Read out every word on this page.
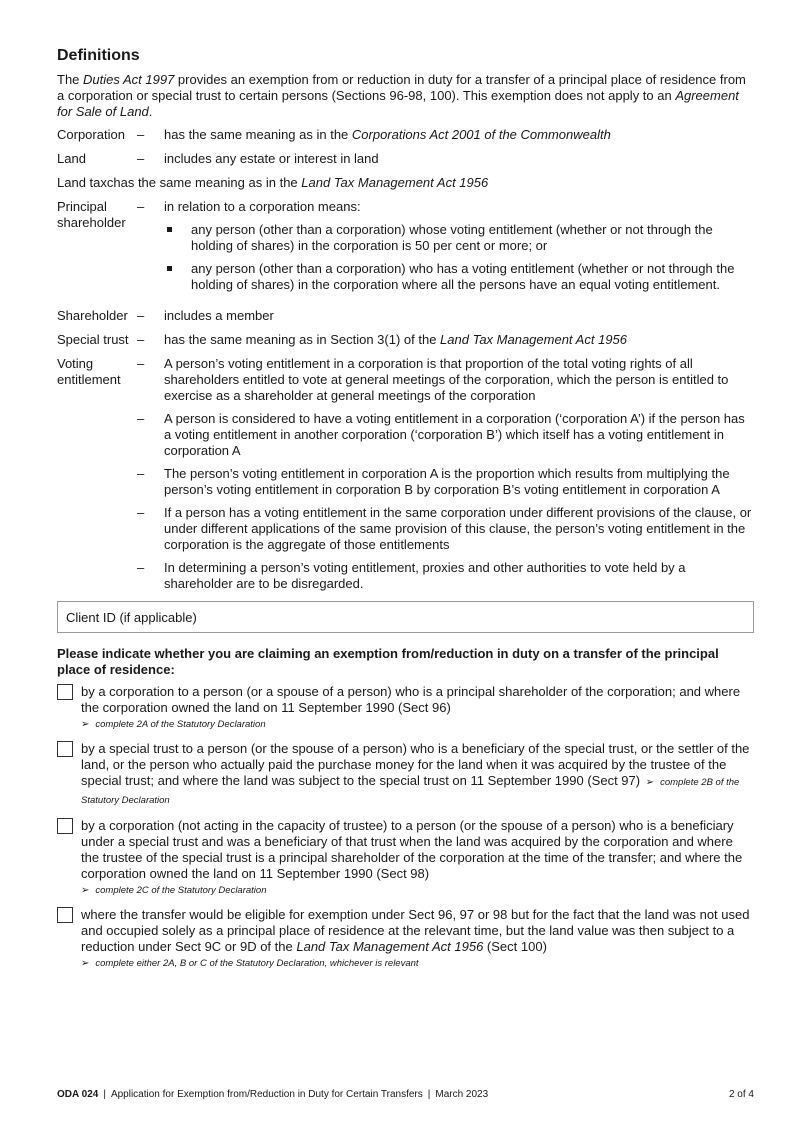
Definitions

The Duties Act 1997 provides an exemption from or reduction in duty for a transfer of a principal place of residence from a corporation or special trust to certain persons (Sections 96-98, 100). This exemption does not apply to an Agreement for Sale of Land.

Corporation –	has the same meaning as in the Corporations Act 2001 of the Commonwealth
Land	–	includes any estate or interest in land

Land taxchas the same meaning as in the Land Tax Management Act 1956

Principal
shareholder
–	in relation to a corporation means:
any person (other than a corporation) whose voting entitlement (whether or not through the holding of shares) in the corporation is 50 per cent or more; or
any person (other than a corporation) who has a voting entitlement (whether or not through the holding of shares) in the corporation where all the persons have an equal voting entitlement.
Shareholder –	includes a member
Special trust –	has the same meaning as in Section 3(1) of the Land Tax Management Act 1956
Voting
entitlement
–	A person’s voting entitlement in a corporation is that proportion of the total voting rights of all shareholders entitled to vote at general meetings of the corporation, which the person is entitled to exercise as a shareholder at general meetings of the corporation
–	A person is considered to have a voting entitlement in a corporation (‘corporation A’) if the person has a voting entitlement in another corporation (‘corporation B’) which itself has a voting entitlement in corporation A
–	The person’s voting entitlement in corporation A is the proportion which results from multiplying the person’s voting entitlement in corporation B by corporation B’s voting entitlement in corporation A
–	If a person has a voting entitlement in the same corporation under different provisions of the clause, or under different applications of the same provision of this clause, the person’s voting entitlement in the corporation is the aggregate of those entitlements
–	In determining a person’s voting entitlement, proxies and other authorities to vote held by a shareholder are to be disregarded.
Client ID (if applicable)

Please indicate whether you are claiming an exemption from/reduction in duty on a transfer of the principal place of residence:

by a corporation to a person (or a spouse of a person) who is a principal shareholder of the corporation; and where the corporation owned the land on 11 September 1990 (Sect 96)
➢ complete 2A of the Statutory Declaration
by a special trust to a person (or the spouse of a person) who is a beneficiary of the special trust, or the settler of the land, or the person who actually paid the purchase money for the land when it was acquired by the trustee of the special trust; and where the land was subject to the special trust on 11 September 1990 (Sect 97) ➢ complete 2B of the Statutory Declaration
by a corporation (not acting in the capacity of trustee) to a person (or the spouse of a person) who is a beneficiary under a special trust and was a beneficiary of that trust when the land was acquired by the corporation and where the trustee of the special trust is a principal shareholder of the corporation at the time of the transfer; and where the corporation owned the land on 11 September 1990 (Sect 98)
➢ complete 2C of the Statutory Declaration
where the transfer would be eligible for exemption under Sect 96, 97 or 98 but for the fact that the land was not used and occupied solely as a principal place of residence at the relevant time, but the land value was then subject to a reduction under Sect 9C or 9D of the Land Tax Management Act 1956 (Sect 100)
➢ complete either 2A, B or C of the Statutory Declaration, whichever is relevant
ODA 024 | Application for Exemption from/Reduction in Duty for Certain Transfers | March 2023	2 of 4
